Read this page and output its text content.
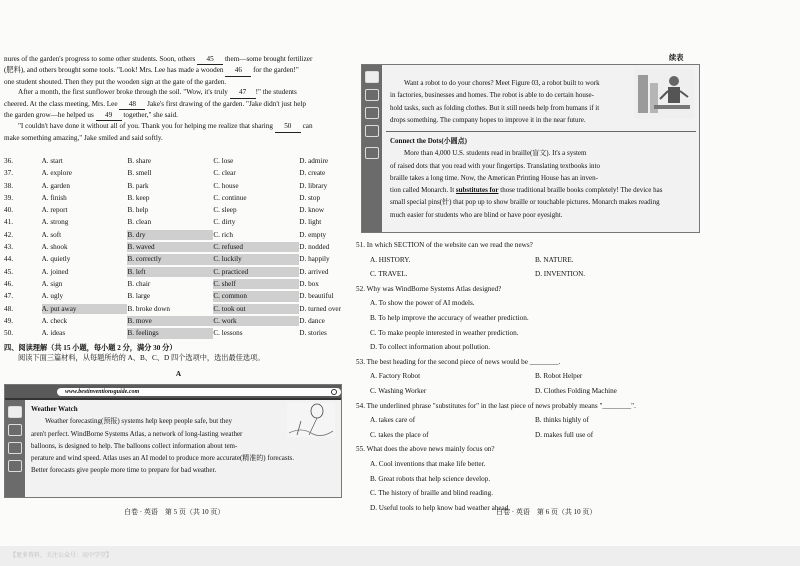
nures of the garden's progress to some other students. Soon, others 45 them—some brought fertilizer

(肥料), and others brought some tools. "Look! Mrs. Lee has made a wooden 46 for the garden!"

one student shouted. Then they put the wooden sign at the gate of the garden.

After a month, the first sunflower broke through the soil. "Wow, it's truly 47 !" the students

cheered. At the class meeting, Mrs. Lee 48 Jake's first drawing of the garden. "Jake didn't just help

the garden grow—he helped us 49 together," she said.

"I couldn't have done it without all of you. Thank you for helping me realize that sharing 50 can

make something amazing," Jake smiled and said softly.

36.	A. start	B. share	C. lose	D. admire
37.	A. explore	B. smell	C. clear	D. create
38.	A. garden	B. park	C. house	D. library
39.	A. finish	B. keep	C. continue	D. stop
40.	A. report	B. help	C. sleep	D. know
41.	A. strong	B. clean	C. dirty	D. light
42.	A. soft	B. dry	C. rich	D. empty
43.	A. shook	B. waved	C. refused	D. nodded
44.	A. quietly	B. correctly	C. luckily	D. happily
45.	A. joined	B. left	C. practiced	D. arrived
46.	A. sign	B. chair	C. shelf	D. box
47.	A. ugly	B. large	C. common	D. beautiful
48.	A. put away	B. broke down	C. took out	D. turned over
49.	A. check	B. move	C. work	D. dance
50.	A. ideas	B. feelings	C. lessons	D. stories

四、阅读理解（共 15 小题，每小题 2 分，满分 30 分）

阅读下面三篇材料，从每题所给的 A、B、C、D 四个选项中，选出最佳选项。

A

www.bestinventionsguide.com

Weather Watch

Weather forecasting(预报) systems help keep people safe, but they

aren't perfect. WindBorne Systems Atlas, a network of long-lasting weather

balloons, is designed to help. The balloons collect information about tem-

perature and wind speed. Atlas uses an AI model to produce more accurate(精准的) forecasts.

Better forecasts give people more time to prepare for bad weather.

白卷 · 英语　第 5 页（共 10 页）
续表

Want a robot to do your chores? Meet Figure 03, a robot built to work

in factories, businesses and homes. The robot is able to do certain house-

hold tasks, such as folding clothes. But it still needs help from humans if it

drops something. The company hopes to improve it in the near future.

Connect the Dots(小圆点)

More than 4,000 U.S. students read in braille(盲文). It's a system

of raised dots that you read with your fingertips. Translating textbooks into

braille takes a long time. Now, the American Printing House has an inven-

tion called Monarch. It substitutes for those traditional braille books completely! The device has

small special pins(针) that pop up to show braille or touchable pictures. Monarch makes reading

much easier for students who are blind or have poor eyesight.

51. In which SECTION of the website can we read the news?

A. HISTORY.	B. NATURE.
C. TRAVEL.	D. INVENTION.

52. Why was WindBorne Systems Atlas designed?

A. To show the power of AI models.
B. To help improve the accuracy of weather prediction.
C. To make people interested in weather prediction.
D. To collect information about pollution.

53. The best heading for the second piece of news would be ________.

A. Factory Robot	B. Robot Helper
C. Washing Worker	D. Clothes Folding Machine

54. The underlined phrase "substitutes for" in the last piece of news probably means "________".

A. takes care of	B. thinks highly of
C. takes the place of	D. makes full use of

55. What does the above news mainly focus on?

A. Cool inventions that make life better.
B. Great robots that help science develop.
C. The history of braille and blind reading.
D. Useful tools to help know bad weather ahead.
白卷 · 英语　第 6 页（共 10 页）
【更多资料，关注公众号：高中学堂】
